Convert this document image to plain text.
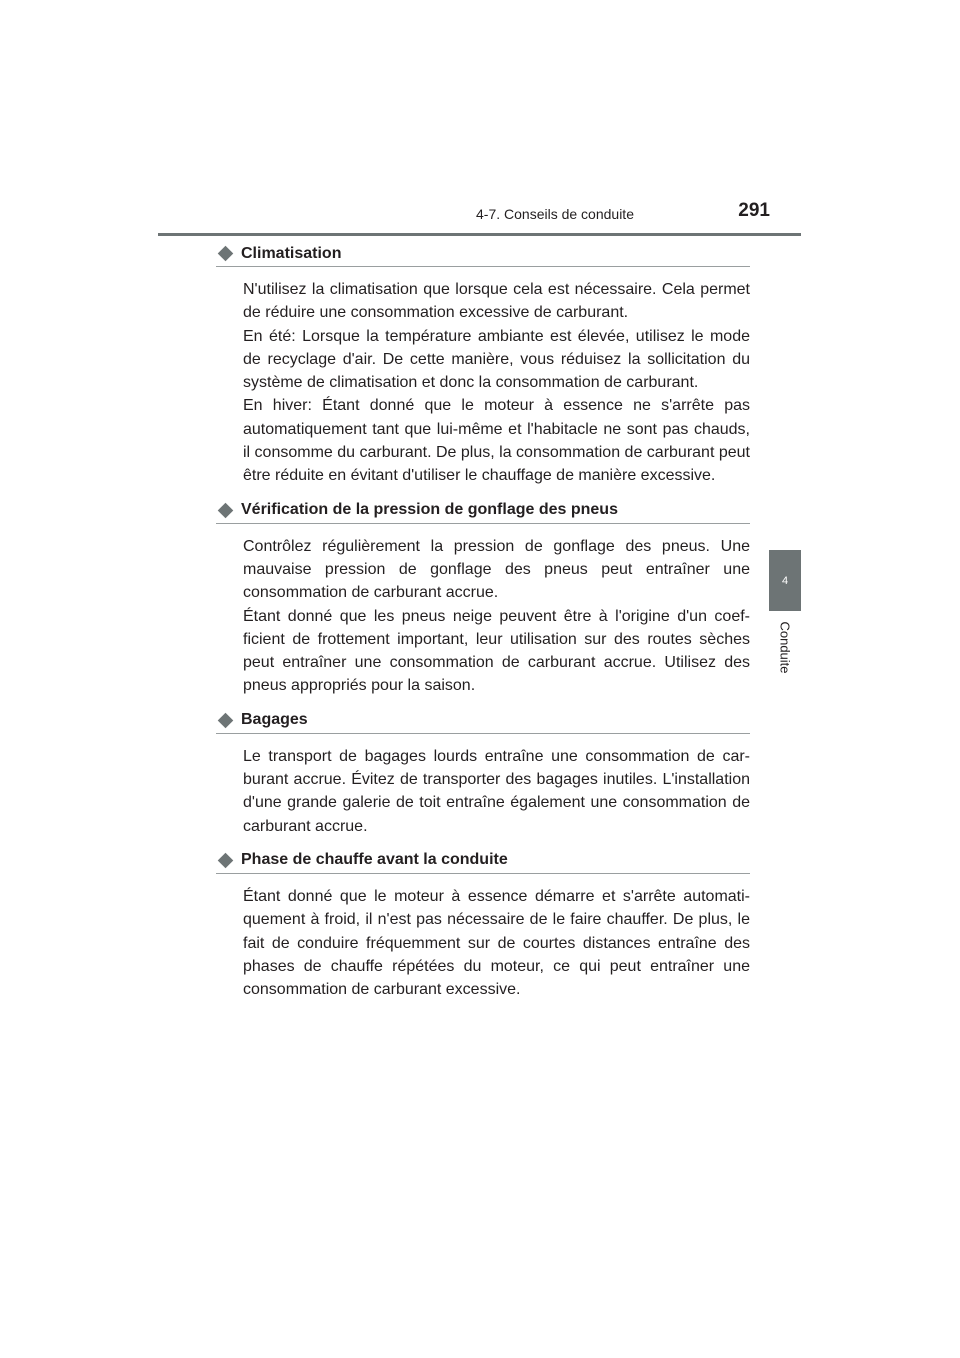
4-7. Conseils de conduite	291
4
Conduite
Climatisation

N'utilisez la climatisation que lorsque cela est nécessaire. Cela permet de réduire une consommation excessive de carburant.

En été: Lorsque la température ambiante est élevée, utilisez le mode de recyclage d'air. De cette manière, vous réduisez la sollicitation du système de climatisation et donc la consommation de carburant.

En hiver: Étant donné que le moteur à essence ne s'arrête pas automatiquement tant que lui-même et l'habitacle ne sont pas chauds, il consomme du carburant. De plus, la consommation de carburant peut être réduite en évitant d'utiliser le chauffage de manière excessive.

Vérification de la pression de gonflage des pneus

Contrôlez régulièrement la pression de gonflage des pneus. Une mauvaise pression de gonflage des pneus peut entraîner une consommation de carburant accrue.

Étant donné que les pneus neige peuvent être à l'origine d'un coefficient de frottement important, leur utilisation sur des routes sèches peut entraîner une consommation de carburant accrue. Utilisez des pneus appropriés pour la saison.

Bagages

Le transport de bagages lourds entraîne une consommation de carburant accrue. Évitez de transporter des bagages inutiles. L'installation d'une grande galerie de toit entraîne également une consommation de carburant accrue.

Phase de chauffe avant la conduite

Étant donné que le moteur à essence démarre et s'arrête automatiquement à froid, il n'est pas nécessaire de le faire chauffer. De plus, le fait de conduire fréquemment sur de courtes distances entraîne des phases de chauffe répétées du moteur, ce qui peut entraîner une consommation de carburant excessive.
